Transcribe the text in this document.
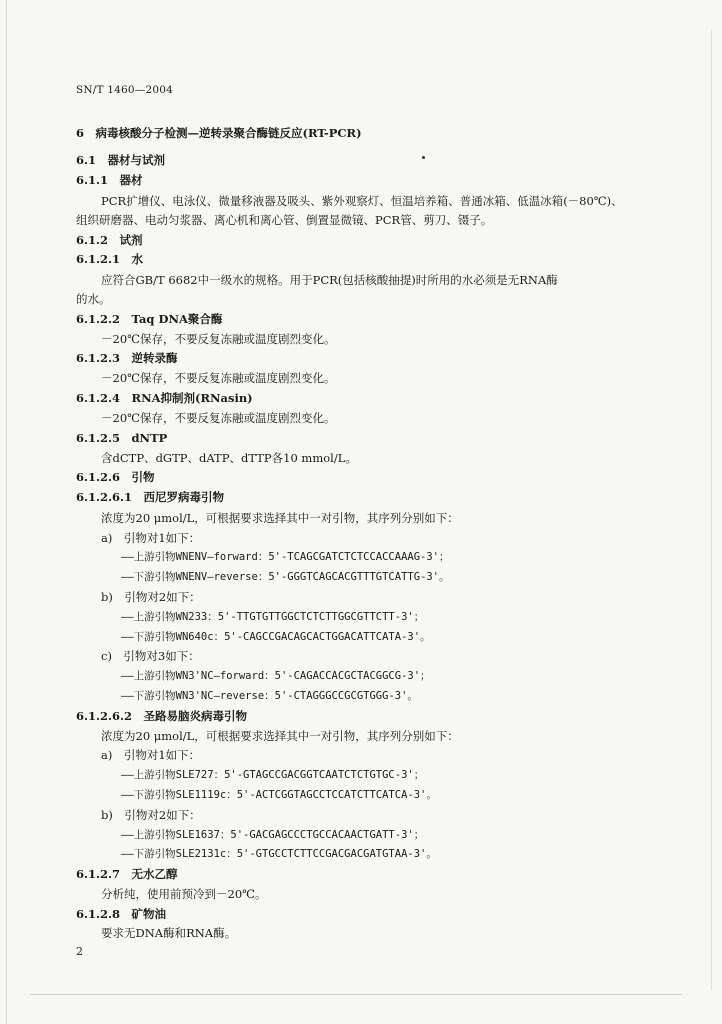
SN/T 1460—2004
6　病毒核酸分子检测—逆转录聚合酶链反应(RT-PCR)
6.1　器材与试剂
6.1.1　器材
PCR扩增仪、电泳仪、微量移液器及吸头、紫外观察灯、恒温培养箱、普通冰箱、低温冰箱(－80℃)、
组织研磨器、电动匀浆器、离心机和离心管、倒置显微镜、PCR管、剪刀、镊子。
6.1.2　试剂
6.1.2.1　水
应符合GB/T 6682中一级水的规格。用于PCR(包括核酸抽提)时所用的水必须是无RNA酶
的水。
6.1.2.2　Taq DNA聚合酶
－20℃保存，不要反复冻融或温度剧烈变化。
6.1.2.3　逆转录酶
－20℃保存，不要反复冻融或温度剧烈变化。
6.1.2.4　RNA抑制剂(RNasin)
－20℃保存，不要反复冻融或温度剧烈变化。
6.1.2.5　dNTP
含dCTP、dGTP、dATP、dTTP各10 mmol/L。
6.1.2.6　引物
6.1.2.6.1　西尼罗病毒引物
浓度为20 μmol/L，可根据要求选择其中一对引物，其序列分别如下：
a)　引物对1如下：
——上游引物WNENV—forward：5'-TCAGCGATCTCTCCACCAAAG-3'；
——下游引物WNENV—reverse：5'-GGGTCAGCACGTTTGTCATTG-3'。
b)　引物对2如下：
——上游引物WN233：5'-TTGTGTTGGCTCTCTTGGCGTTCTT-3'；
——下游引物WN640c：5'-CAGCCGACAGCACTGGACATTCATA-3'。
c)　引物对3如下：
——上游引物WN3'NC—forward：5'-CAGACCACGCTACGGCG-3'；
——下游引物WN3'NC—reverse：5'-CTAGGGCCGCGTGGG-3'。
6.1.2.6.2　圣路易脑炎病毒引物
浓度为20 μmol/L，可根据要求选择其中一对引物，其序列分别如下：
a)　引物对1如下：
——上游引物SLE727：5'-GTAGCCGACGGTCAATCTCTGTGC-3'；
——下游引物SLE1119c：5'-ACTCGGTAGCCTCCATCTTCATCA-3'。
b)　引物对2如下：
——上游引物SLE1637：5'-GACGAGCCCTGCCACAACTGATT-3'；
——下游引物SLE2131c：5'-GTGCCTCTTCCGACGACGATGTAA-3'。
6.1.2.7　无水乙醇
分析纯，使用前预冷到－20℃。
6.1.2.8　矿物油
要求无DNA酶和RNA酶。
2
